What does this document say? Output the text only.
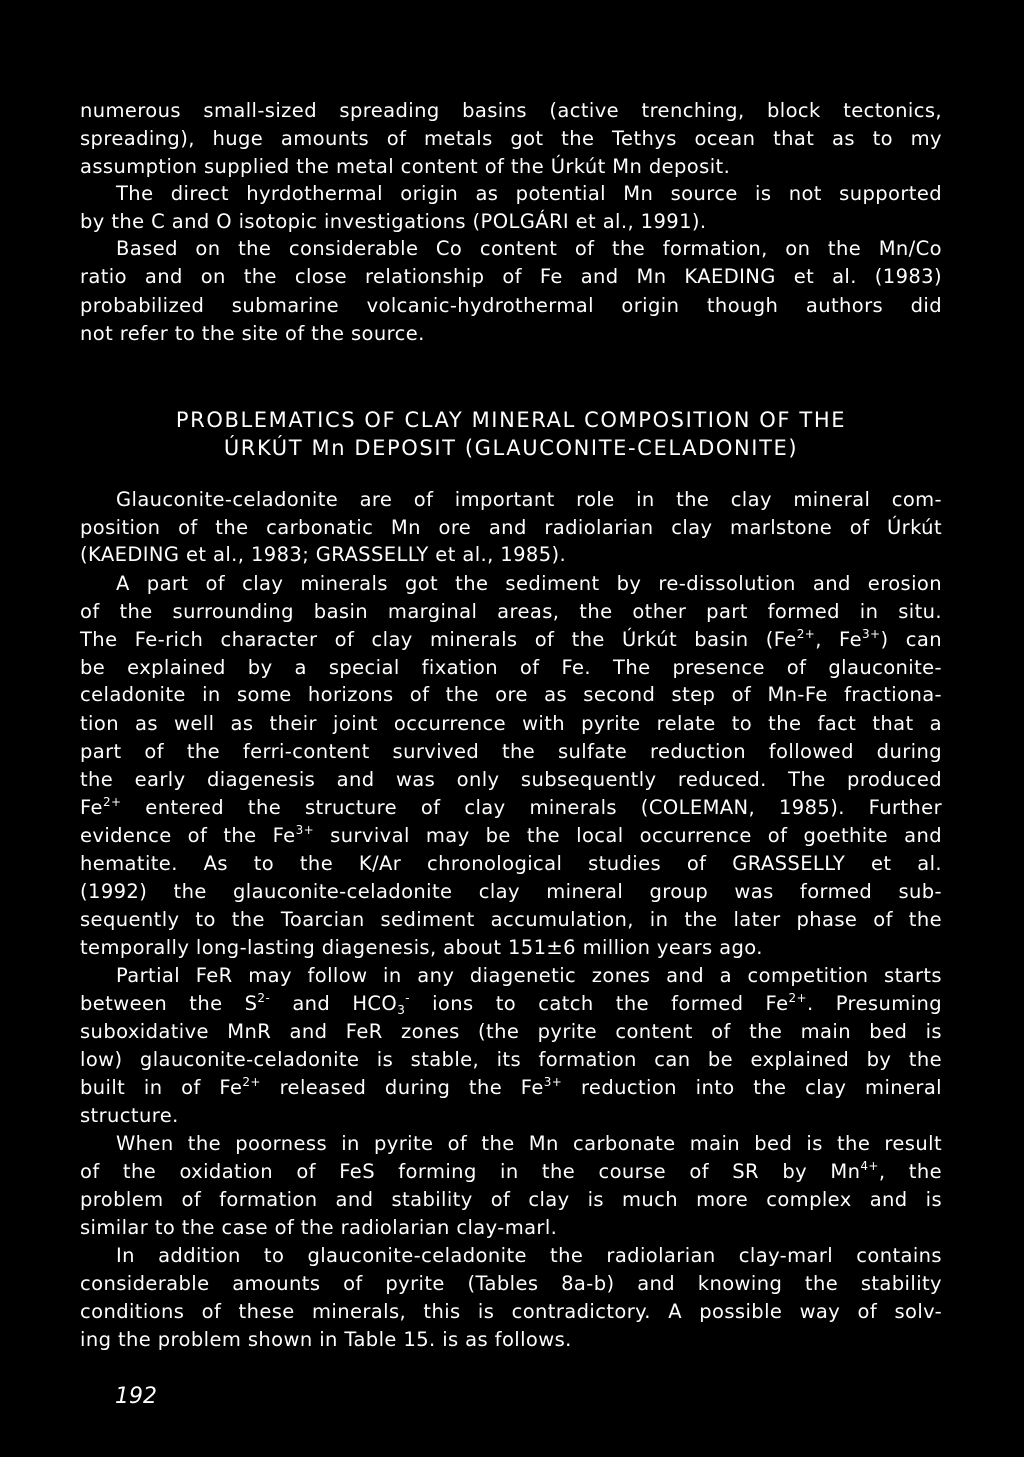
numerous small-sized spreading basins (active trenching, block tectonics,
spreading), huge amounts of metals got the Tethys ocean that as to my
assumption supplied the metal content of the Úrkút Mn deposit.
The direct hyrdothermal origin as potential Mn source is not supported
by the C and O isotopic investigations (POLGÁRI et al., 1991).
Based on the considerable Co content of the formation, on the Mn/Co
ratio and on the close relationship of Fe and Mn KAEDING et al. (1983)
probabilized submarine volcanic-hydrothermal origin though authors did
not refer to the site of the source.
PROBLEMATICS OF CLAY MINERAL COMPOSITION OF THE
ÚRKÚT Mn DEPOSIT (GLAUCONITE-CELADONITE)
Glauconite-celadonite are of important role in the clay mineral com-
position of the carbonatic Mn ore and radiolarian clay marlstone of Úrkút
(KAEDING et al., 1983; GRASSELLY et al., 1985).
A part of clay minerals got the sediment by re-dissolution and erosion
of the surrounding basin marginal areas, the other part formed in situ.
The Fe-rich character of clay minerals of the Úrkút basin ($Fe^{2+}$, $Fe^{3+}$) can
be explained by a special fixation of Fe. The presence of glauconite-
celadonite in some horizons of the ore as second step of Mn-Fe fractiona-
tion as well as their joint occurrence with pyrite relate to the fact that a
part of the ferri-content survived the sulfate reduction followed during
the early diagenesis and was only subsequently reduced. The produced
$Fe^{2+}$ entered the structure of clay minerals (COLEMAN, 1985). Further
evidence of the $Fe^{3+}$ survival may be the local occurrence of goethite and
hematite. As to the K/Ar chronological studies of GRASSELLY et al.
(1992) the glauconite-celadonite clay mineral group was formed sub-
sequently to the Toarcian sediment accumulation, in the later phase of the
temporally long-lasting diagenesis, about 151±6 million years ago.
Partial FeR may follow in any diagenetic zones and a competition starts
between the $S^{2-}$ and $HCO_3^-$ ions to catch the formed $Fe^{2+}$. Presuming
suboxidative MnR and FeR zones (the pyrite content of the main bed is
low) glauconite-celadonite is stable, its formation can be explained by the
built in of $Fe^{2+}$ released during the $Fe^{3+}$ reduction into the clay mineral
structure.
When the poorness in pyrite of the Mn carbonate main bed is the result
of the oxidation of FeS forming in the course of SR by $Mn^{4+}$, the
problem of formation and stability of clay is much more complex and is
similar to the case of the radiolarian clay-marl.
In addition to glauconite-celadonite the radiolarian clay-marl contains
considerable amounts of pyrite (Tables 8a-b) and knowing the stability
conditions of these minerals, this is contradictory. A possible way of solv-
ing the problem shown in Table 15. is as follows.
192
